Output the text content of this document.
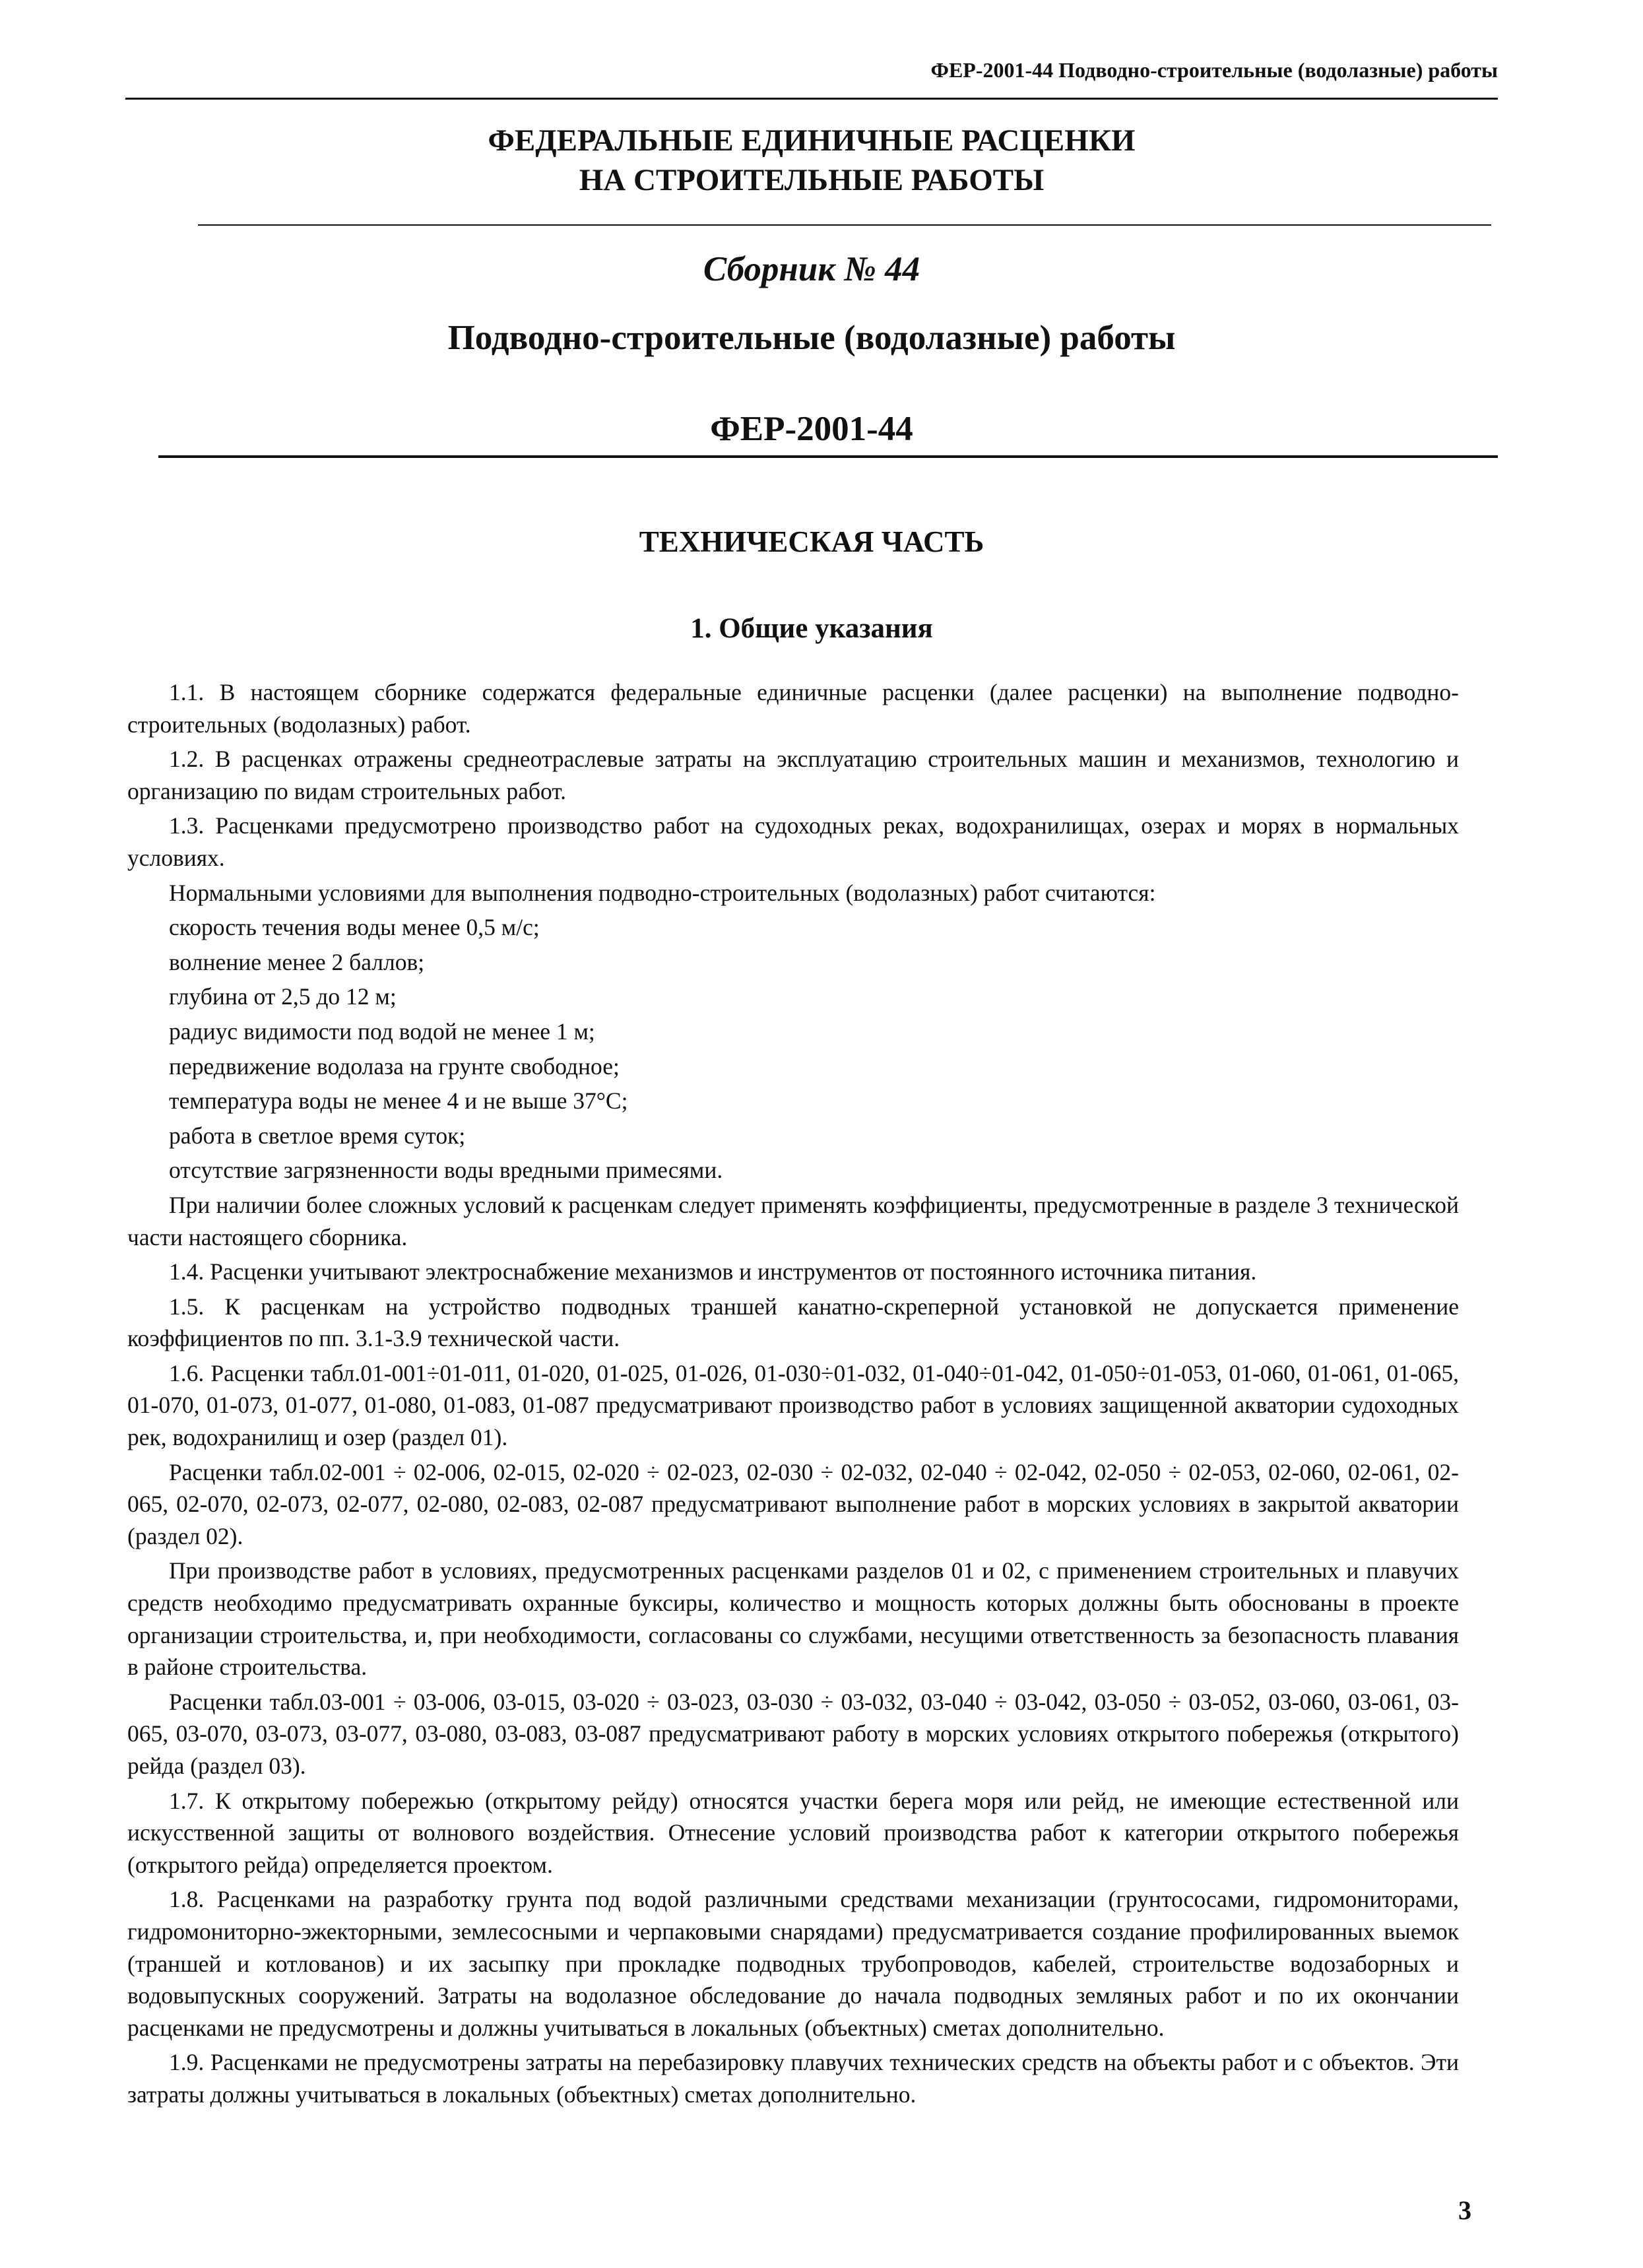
ФЕР-2001-44 Подводно-строительные (водолазные) работы
ФЕДЕРАЛЬНЫЕ ЕДИНИЧНЫЕ РАСЦЕНКИ
НА СТРОИТЕЛЬНЫЕ РАБОТЫ
Сборник № 44
Подводно-строительные (водолазные) работы
ФЕР-2001-44
ТЕХНИЧЕСКАЯ ЧАСТЬ
1. Общие указания

1.1. В настоящем сборнике содержатся федеральные единичные расценки (далее расценки) на выполнение подводно-строительных (водолазных) работ.

1.2. В расценках отражены среднеотраслевые затраты на эксплуатацию строительных машин и механизмов, технологию и организацию по видам строительных работ.

1.3. Расценками предусмотрено производство работ на судоходных реках, водохранилищах, озерах и морях в нормальных условиях.

Нормальными условиями для выполнения подводно-строительных (водолазных) работ считаются:

скорость течения воды менее 0,5 м/с;

волнение менее 2 баллов;

глубина от 2,5 до 12 м;

радиус видимости под водой не менее 1 м;

передвижение водолаза на грунте свободное;

температура воды не менее 4 и не выше 37°С;

работа в светлое время суток;

отсутствие загрязненности воды вредными примесями.

При наличии более сложных условий к расценкам следует применять коэффициенты, предусмотренные в разделе 3 технической части настоящего сборника.

1.4. Расценки учитывают электроснабжение механизмов и инструментов от постоянного источника питания.

1.5. К расценкам на устройство подводных траншей канатно-скреперной установкой не допускается применение коэффициентов по пп. 3.1-3.9 технической части.

1.6. Расценки табл.01-001÷01-011, 01-020, 01-025, 01-026, 01-030÷01-032, 01-040÷01-042, 01-050÷01-053, 01-060, 01-061, 01-065, 01-070, 01-073, 01-077, 01-080, 01-083, 01-087 предусматривают производство работ в условиях защищенной акватории судоходных рек, водохранилищ и озер (раздел 01).

Расценки табл.02-001 ÷ 02-006, 02-015, 02-020 ÷ 02-023, 02-030 ÷ 02-032, 02-040 ÷ 02-042, 02-050 ÷ 02-053, 02-060, 02-061, 02-065, 02-070, 02-073, 02-077, 02-080, 02-083, 02-087 предусматривают выполнение работ в морских условиях в закрытой акватории (раздел 02).

При производстве работ в условиях, предусмотренных расценками разделов 01 и 02, с применением строительных и плавучих средств необходимо предусматривать охранные буксиры, количество и мощность которых должны быть обоснованы в проекте организации строительства, и, при необходимости, согласованы со службами, несущими ответственность за безопасность плавания в районе строительства.

Расценки табл.03-001 ÷ 03-006, 03-015, 03-020 ÷ 03-023, 03-030 ÷ 03-032, 03-040 ÷ 03-042, 03-050 ÷ 03-052, 03-060, 03-061, 03-065, 03-070, 03-073, 03-077, 03-080, 03-083, 03-087 предусматривают работу в морских условиях открытого побережья (открытого) рейда (раздел 03).

1.7. К открытому побережью (открытому рейду) относятся участки берега моря или рейд, не имеющие естественной или искусственной защиты от волнового воздействия. Отнесение условий производства работ к категории открытого побережья (открытого рейда) определяется проектом.

1.8. Расценками на разработку грунта под водой различными средствами механизации (грунтососами, гидромониторами, гидромониторно-эжекторными, землесосными и черпаковыми снарядами) предусматривается создание профилированных выемок (траншей и котлованов) и их засыпку при прокладке подводных трубопроводов, кабелей, строительстве водозаборных и водовыпускных сооружений. Затраты на водолазное обследование до начала подводных земляных работ и по их окончании расценками не предусмотрены и должны учитываться в локальных (объектных) сметах дополнительно.

1.9. Расценками не предусмотрены затраты на перебазировку плавучих технических средств на объекты работ и с объектов. Эти затраты должны учитываться в локальных (объектных) сметах дополнительно.

3
